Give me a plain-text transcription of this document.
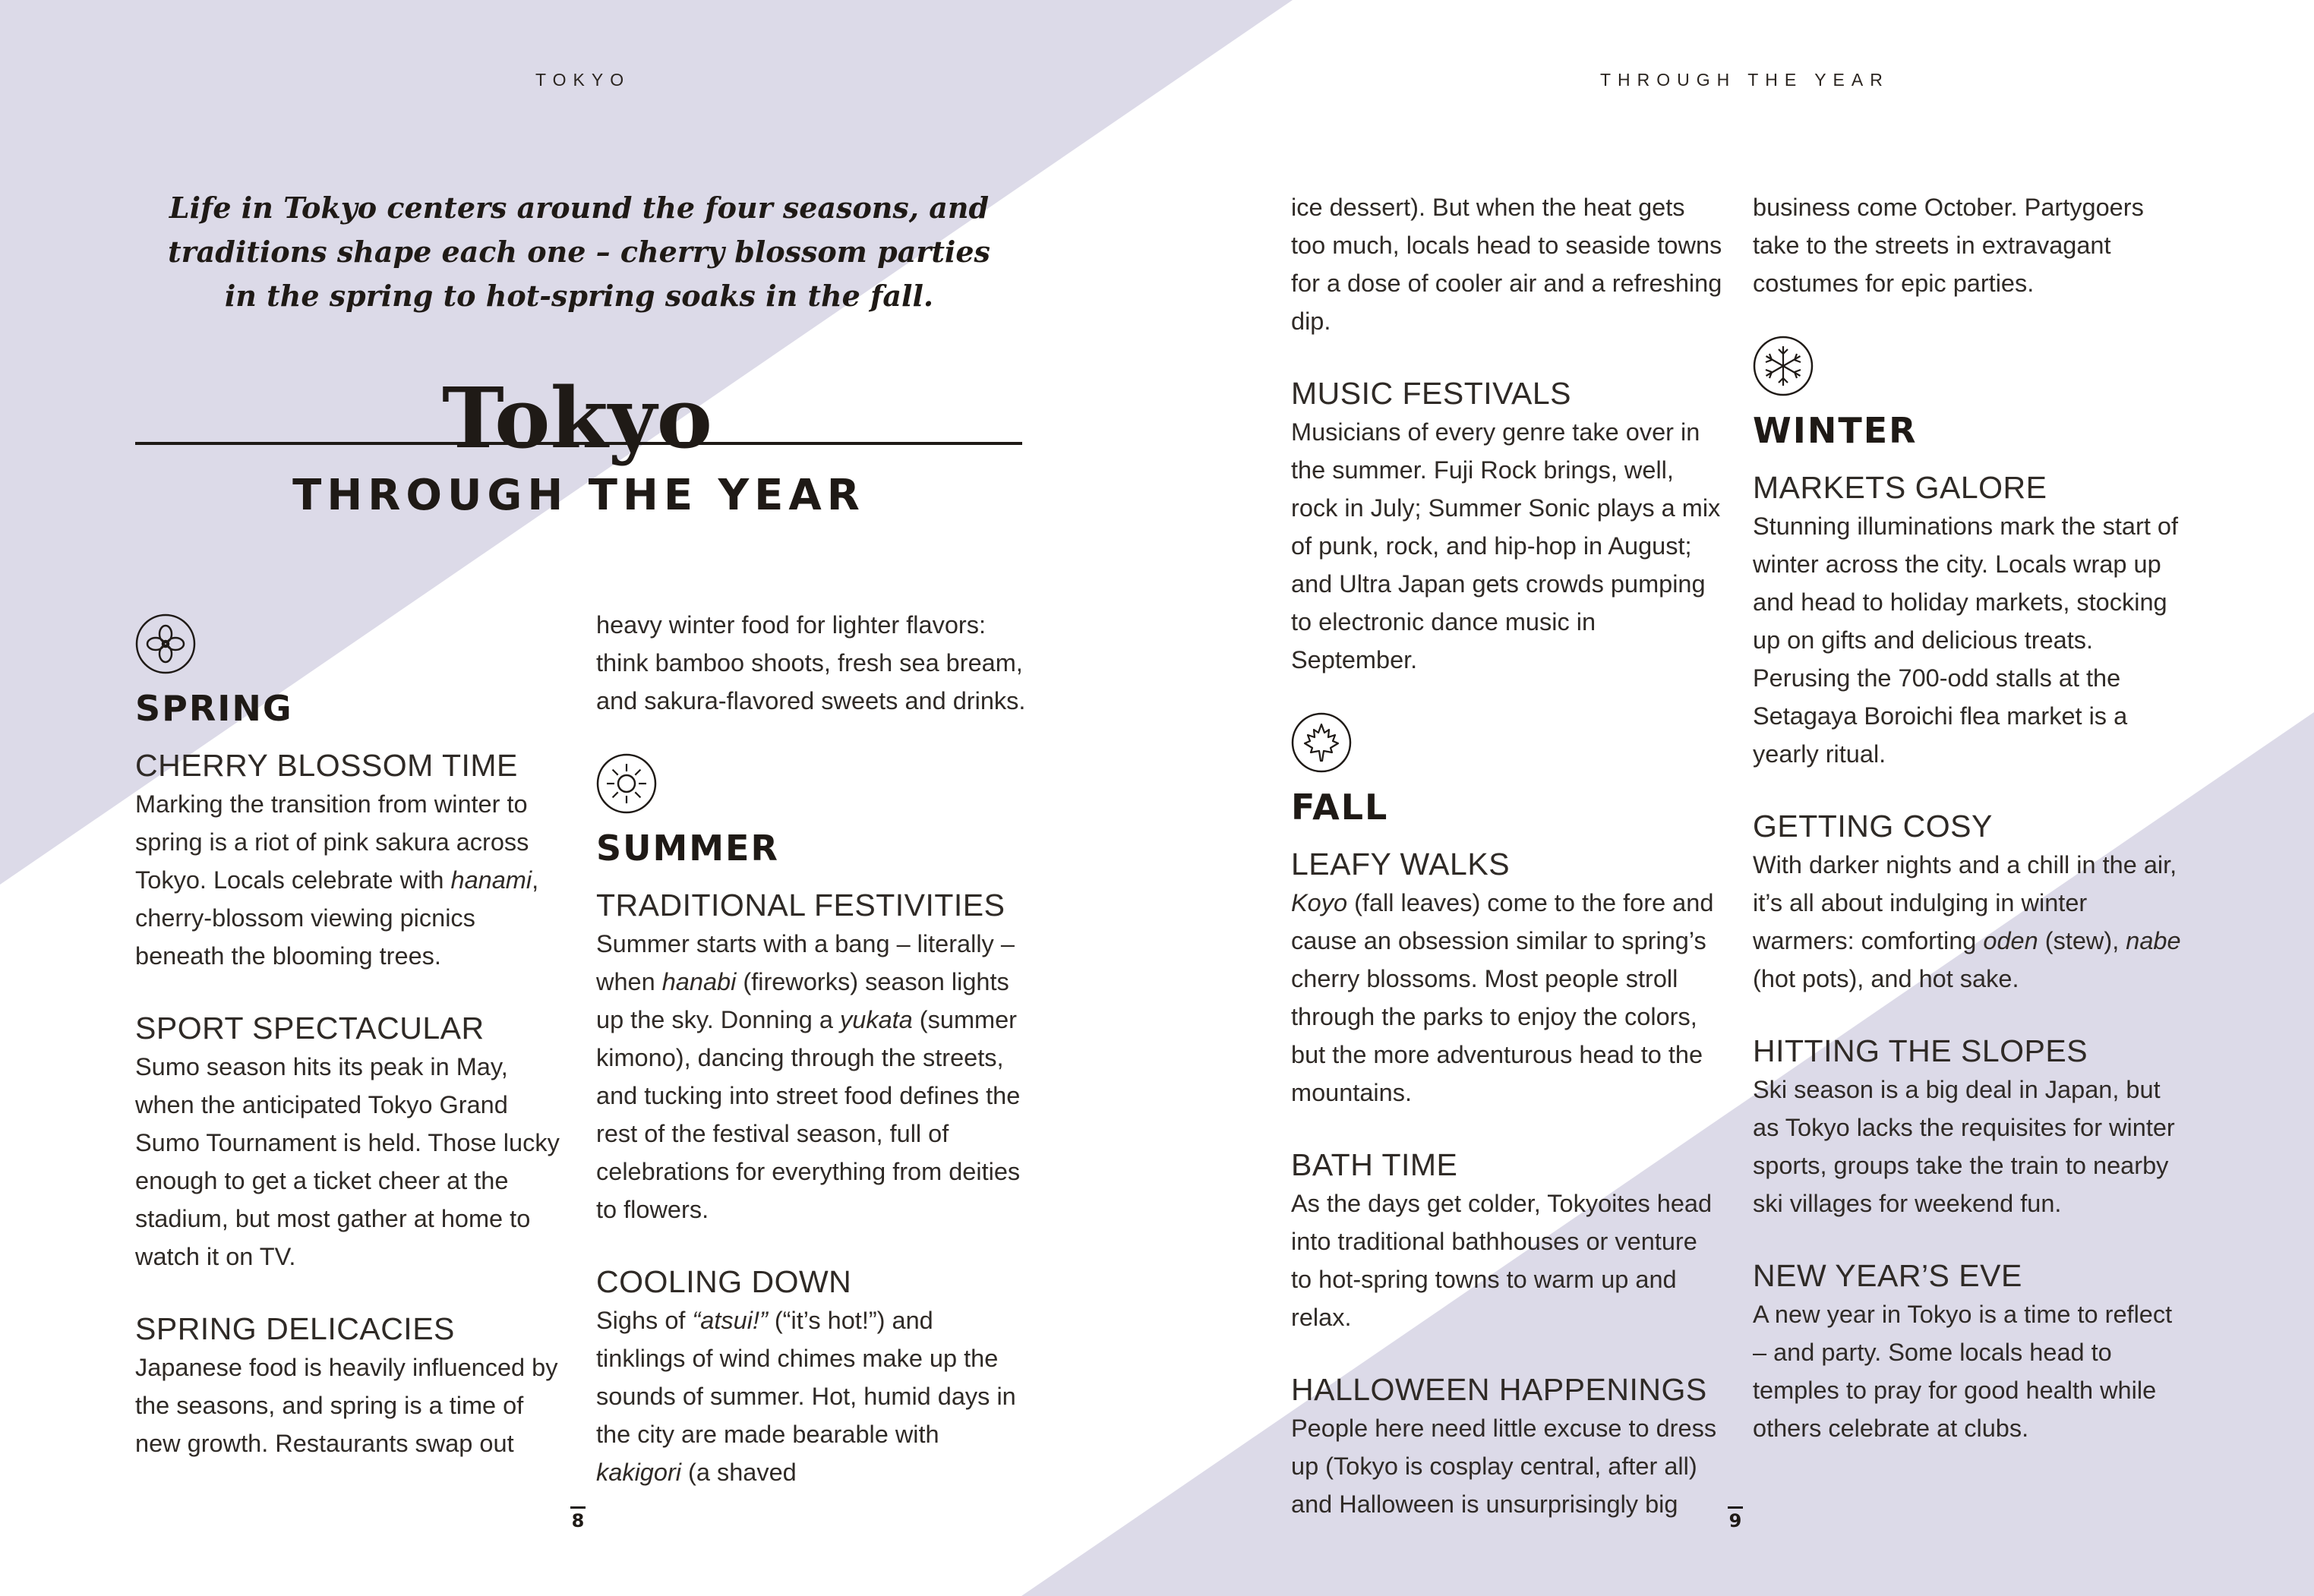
TOKYO	THROUGH THE YEAR
Life in Tokyo centers around the four seasons, and traditions shape each one – cherry blossom parties in the spring to hot-spring soaks in the fall.
Tokyo
THROUGH THE YEAR
SPRING
CHERRY BLOSSOM TIME
Marking the transition from winter to spring is a riot of pink sakura across Tokyo. Locals celebrate with hanami, cherry-blossom viewing picnics beneath the blooming trees.
SPORT SPECTACULAR
Sumo season hits its peak in May, when the anticipated Tokyo Grand Sumo Tournament is held. Those lucky enough to get a ticket cheer at the stadium, but most gather at home to watch it on TV.
SPRING DELICACIES
Japanese food is heavily influenced by the seasons, and spring is a time of new growth. Restaurants swap out
heavy winter food for lighter flavors: think bamboo shoots, fresh sea bream, and sakura-flavored sweets and drinks.
SUMMER
TRADITIONAL FESTIVITIES
Summer starts with a bang – literally – when hanabi (fireworks) season lights up the sky. Donning a yukata (summer kimono), dancing through the streets, and tucking into street food defines the rest of the festival season, full of celebrations for everything from deities to flowers.
COOLING DOWN
Sighs of “atsui!” (“it’s hot!”) and tinklings of wind chimes make up the sounds of summer. Hot, humid days in the city are made bearable with kakigori (a shaved
ice dessert). But when the heat gets too much, locals head to seaside towns for a dose of cooler air and a refreshing dip.
MUSIC FESTIVALS
Musicians of every genre take over in the summer. Fuji Rock brings, well, rock in July; Summer Sonic plays a mix of punk, rock, and hip-hop in August; and Ultra Japan gets crowds pumping to electronic dance music in September.
FALL
LEAFY WALKS
Koyo (fall leaves) come to the fore and cause an obsession similar to spring’s cherry blossoms. Most people stroll through the parks to enjoy the colors, but the more adventurous head to the mountains.
BATH TIME
As the days get colder, Tokyoites head into traditional bathhouses or venture to hot-spring towns to warm up and relax.
HALLOWEEN HAPPENINGS
People here need little excuse to dress up (Tokyo is cosplay central, after all) and Halloween is unsurprisingly big
business come October. Partygoers take to the streets in extravagant costumes for epic parties.
WINTER
MARKETS GALORE
Stunning illuminations mark the start of winter across the city. Locals wrap up and head to holiday markets, stocking up on gifts and delicious treats. Perusing the 700-odd stalls at the Setagaya Boroichi flea market is a yearly ritual.
GETTING COSY
With darker nights and a chill in the air, it’s all about indulging in winter warmers: comforting oden (stew), nabe (hot pots), and hot sake.
HITTING THE SLOPES
Ski season is a big deal in Japan, but as Tokyo lacks the requisites for winter sports, groups take the train to nearby ski villages for weekend fun.
NEW YEAR’S EVE
A new year in Tokyo is a time to reflect – and party. Some locals head to temples to pray for good health while others celebrate at clubs.
8	9
